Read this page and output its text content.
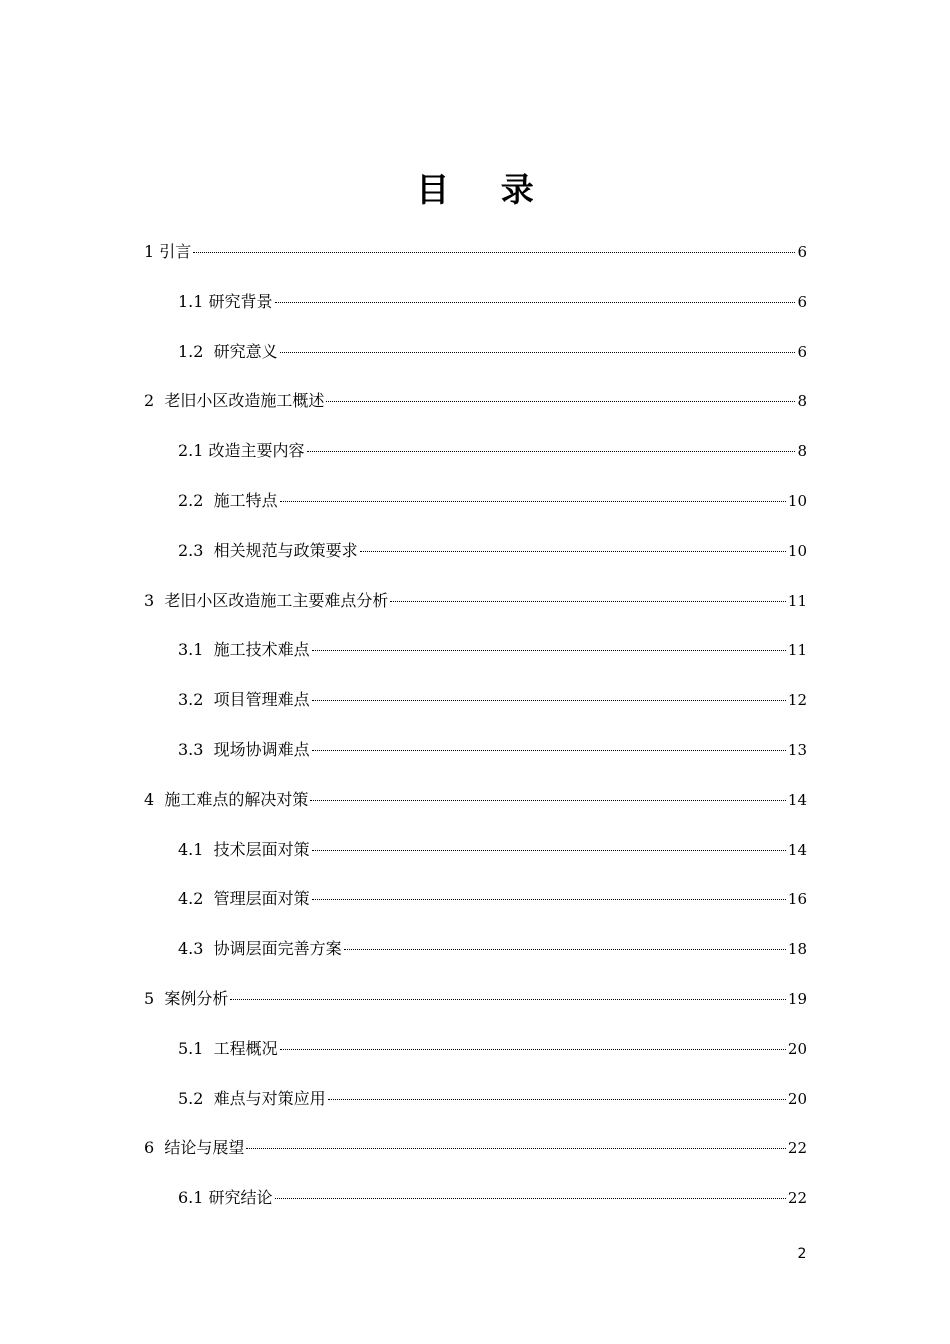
目 录
1 引言	6
1.1 研究背景	6
1.2  研究意义	6
2  老旧小区改造施工概述	8
2.1 改造主要内容	8
2.2  施工特点	10
2.3  相关规范与政策要求	10
3  老旧小区改造施工主要难点分析	11
3.1  施工技术难点	11
3.2  项目管理难点	12
3.3  现场协调难点	13
4  施工难点的解决对策	14
4.1  技术层面对策	14
4.2  管理层面对策	16
4.3  协调层面完善方案	18
5  案例分析	19
5.1  工程概况	20
5.2  难点与对策应用	20
6  结论与展望	22
6.1 研究结论	22
2
